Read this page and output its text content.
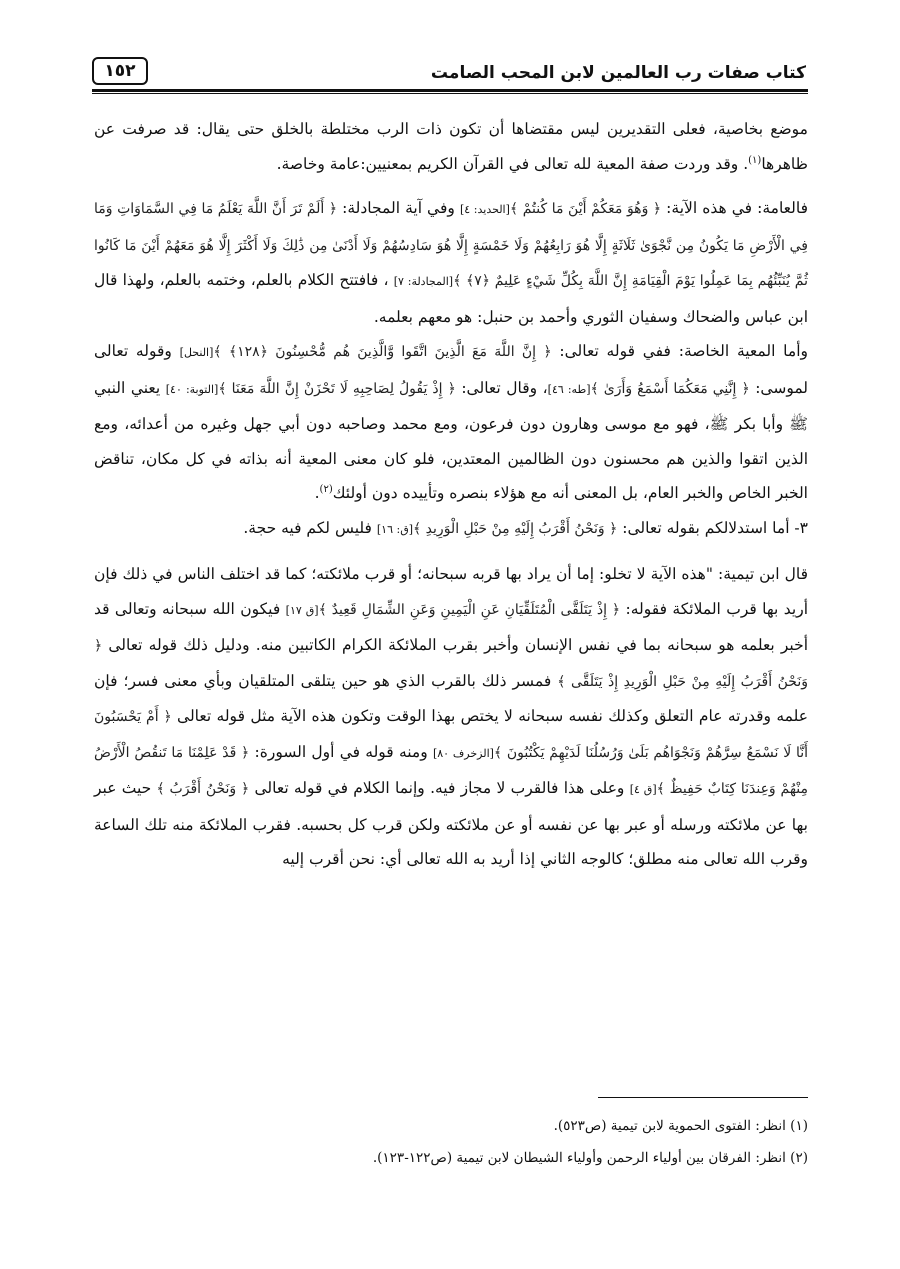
كتاب صفات رب العالمين لابن المحب الصامت
١٥٢

موضع بخاصية، فعلى التقديرين ليس مقتضاها أن تكون ذات الرب مختلطة بالخلق حتى يقال: قد صرفت عن ظاهرها$^{(١)}$. وقد وردت صفة المعية لله تعالى في القرآن الكريم بمعنيين:عامة وخاصة.

فالعامة: في هذه الآية: ﴿ وَهُوَ مَعَكُمْ أَيْنَ مَا كُنتُمْ ﴾[الحديد: ٤] وفي آية المجادلة: ﴿ أَلَمْ تَرَ أَنَّ اللَّهَ يَعْلَمُ مَا فِي السَّمَاوَاتِ وَمَا فِي الْأَرْضِ مَا يَكُونُ مِن نَّجْوَىٰ ثَلَاثَةٍ إِلَّا هُوَ رَابِعُهُمْ وَلَا خَمْسَةٍ إِلَّا هُوَ سَادِسُهُمْ وَلَا أَدْنَىٰ مِن ذَٰلِكَ وَلَا أَكْثَرَ إِلَّا هُوَ مَعَهُمْ أَيْنَ مَا كَانُوا ثُمَّ يُنَبِّئُهُم بِمَا عَمِلُوا يَوْمَ الْقِيَامَةِ إِنَّ اللَّهَ بِكُلِّ شَيْءٍ عَلِيمٌ ﴿٧﴾ ﴾[المجادلة: ٧] ، فافتتح الكلام بالعلم، وختمه بالعلم، ولهذا قال ابن عباس والضحاك وسفيان الثوري وأحمد بن حنبل: هو معهم بعلمه.

وأما المعية الخاصة: ففي قوله تعالى: ﴿ إِنَّ اللَّهَ مَعَ الَّذِينَ اتَّقَوا وَّالَّذِينَ هُم مُّحْسِنُونَ ﴿١٢٨﴾ ﴾[النحل] وقوله تعالى لموسى: ﴿ إِنَّنِي مَعَكُمَا أَسْمَعُ وَأَرَىٰ ﴾[طه: ٤٦]، وقال تعالى: ﴿ إِذْ يَقُولُ لِصَاحِبِهِ لَا تَحْزَنْ إِنَّ اللَّهَ مَعَنَا ﴾[التوبة: ٤٠] يعني النبي ﷺ وأبا بكر ﷺ، فهو مع موسى وهارون دون فرعون، ومع محمد وصاحبه دون أبي جهل وغيره من أعدائه، ومع الذين اتقوا والذين هم محسنون دون الظالمين المعتدين، فلو كان معنى المعية أنه بذاته في كل مكان، تناقض الخبر الخاص والخبر العام، بل المعنى أنه مع هؤلاء بنصره وتأييده دون أولئك$^{(٢)}$.

٣- أما استدلالكم بقوله تعالى: ﴿ وَنَحْنُ أَقْرَبُ إِلَيْهِ مِنْ حَبْلِ الْوَرِيدِ ﴾[ق: ١٦] فليس لكم فيه حجة.

قال ابن تيمية: "هذه الآية لا تخلو: إما أن يراد بها قربه سبحانه؛ أو قرب ملائكته؛ كما قد اختلف الناس في ذلك فإن أريد بها قرب الملائكة فقوله: ﴿ إِذْ يَتَلَقَّى الْمُتَلَقِّيَانِ عَنِ الْيَمِينِ وَعَنِ الشِّمَالِ قَعِيدٌ ﴾[ق ١٧] فيكون الله سبحانه وتعالى قد أخبر بعلمه هو سبحانه بما في نفس الإنسان وأخبر بقرب الملائكة الكرام الكاتبين منه. ودليل ذلك قوله تعالى ﴿ وَنَحْنُ أَقْرَبُ إِلَيْهِ مِنْ حَبْلِ الْوَرِيدِ إِذْ يَتَلَقَّى ﴾ فمسر ذلك بالقرب الذي هو حين يتلقى المتلقيان وبأي معنى فسر؛ فإن علمه وقدرته عام التعلق وكذلك نفسه سبحانه لا يختص بهذا الوقت وتكون هذه الآية مثل قوله تعالى ﴿ أَمْ يَحْسَبُونَ أَنَّا لَا نَسْمَعُ سِرَّهُمْ وَنَجْوَاهُم بَلَىٰ وَرُسُلُنَا لَدَيْهِمْ يَكْتُبُونَ ﴾[الزخرف ٨٠] ومنه قوله في أول السورة: ﴿ قَدْ عَلِمْنَا مَا تَنقُصُ الْأَرْضُ مِنْهُمْ وَعِندَنَا كِتَابٌ حَفِيظٌ ﴾[ق ٤] وعلى هذا فالقرب لا مجاز فيه. وإنما الكلام في قوله تعالى ﴿ وَنَحْنُ أَقْرَبُ ﴾ حيث عبر بها عن ملائكته ورسله أو عبر بها عن نفسه أو عن ملائكته ولكن قرب كل بحسبه. فقرب الملائكة منه تلك الساعة وقرب الله تعالى منه مطلق؛ كالوجه الثاني إذا أريد به الله تعالى أي: نحن أقرب إليه

(١) انظر: الفتوى الحموية لابن تيمية (ص٥٢٣).

(٢) انظر: الفرقان بين أولياء الرحمن وأولياء الشيطان لابن تيمية (ص١٢٢-١٢٣).
